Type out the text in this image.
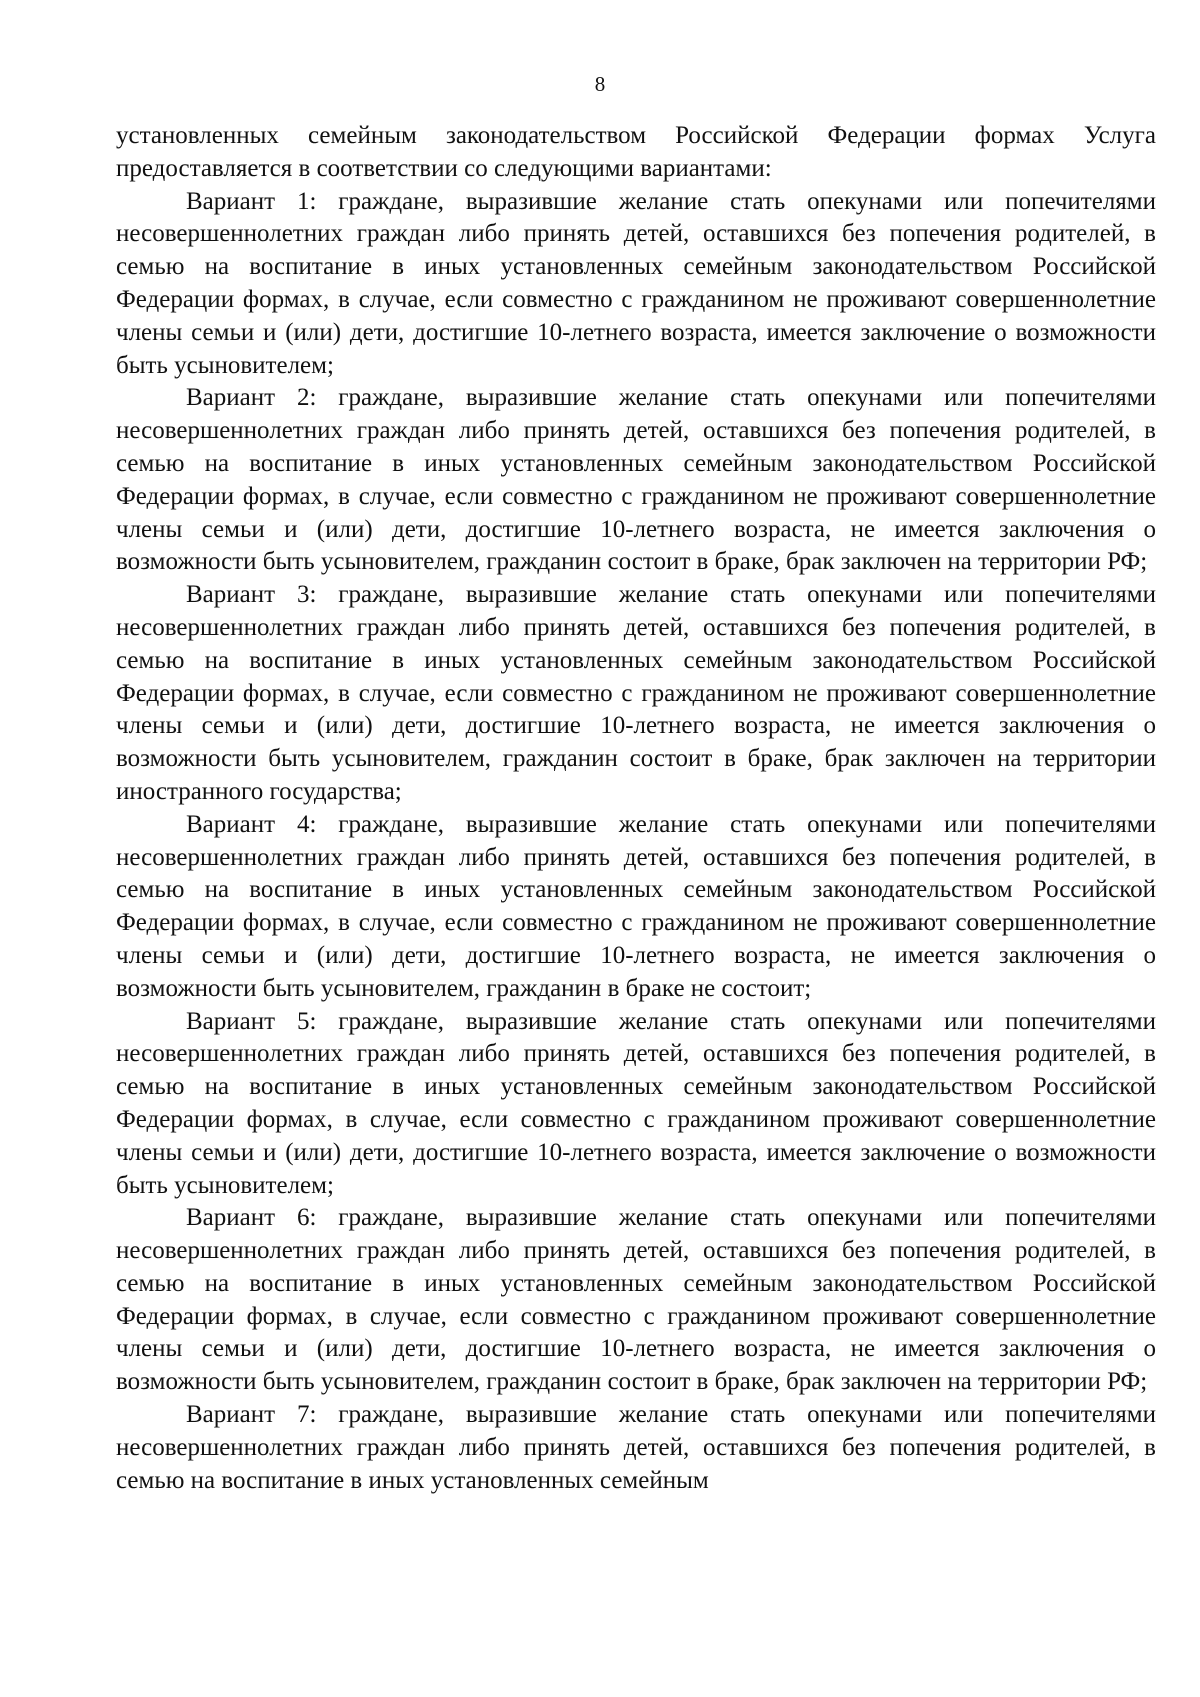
8

установленных семейным законодательством Российской Федерации формах Услуга предоставляется в соответствии со следующими вариантами:

Вариант 1: граждане, выразившие желание стать опекунами или попечителями несовершеннолетних граждан либо принять детей, оставшихся без попечения родителей, в семью на воспитание в иных установленных семейным законодательством Российской Федерации формах, в случае, если совместно с гражданином не проживают совершеннолетние члены семьи и (или) дети, достигшие 10-летнего возраста, имеется заключение о возможности быть усыновителем;

Вариант 2: граждане, выразившие желание стать опекунами или попечителями несовершеннолетних граждан либо принять детей, оставшихся без попечения родителей, в семью на воспитание в иных установленных семейным законодательством Российской Федерации формах, в случае, если совместно с гражданином не проживают совершеннолетние члены семьи и (или) дети, достигшие 10-летнего возраста, не имеется заключения о возможности быть усыновителем, гражданин состоит в браке, брак заключен на территории РФ;

Вариант 3: граждане, выразившие желание стать опекунами или попечителями несовершеннолетних граждан либо принять детей, оставшихся без попечения родителей, в семью на воспитание в иных установленных семейным законодательством Российской Федерации формах, в случае, если совместно с гражданином не проживают совершеннолетние члены семьи и (или) дети, достигшие 10-летнего возраста, не имеется заключения о возможности быть усыновителем, гражданин состоит в браке, брак заключен на территории иностранного государства;

Вариант 4: граждане, выразившие желание стать опекунами или попечителями несовершеннолетних граждан либо принять детей, оставшихся без попечения родителей, в семью на воспитание в иных установленных семейным законодательством Российской Федерации формах, в случае, если совместно с гражданином не проживают совершеннолетние члены семьи и (или) дети, достигшие 10-летнего возраста, не имеется заключения о возможности быть усыновителем, гражданин в браке не состоит;

Вариант 5: граждане, выразившие желание стать опекунами или попечителями несовершеннолетних граждан либо принять детей, оставшихся без попечения родителей, в семью на воспитание в иных установленных семейным законодательством Российской Федерации формах, в случае, если совместно с гражданином проживают совершеннолетние члены семьи и (или) дети, достигшие 10-летнего возраста, имеется заключение о возможности быть усыновителем;

Вариант 6: граждане, выразившие желание стать опекунами или попечителями несовершеннолетних граждан либо принять детей, оставшихся без попечения родителей, в семью на воспитание в иных установленных семейным законодательством Российской Федерации формах, в случае, если совместно с гражданином проживают совершеннолетние члены семьи и (или) дети, достигшие 10-летнего возраста, не имеется заключения о возможности быть усыновителем, гражданин состоит в браке, брак заключен на территории РФ;

Вариант 7: граждане, выразившие желание стать опекунами или попечителями несовершеннолетних граждан либо принять детей, оставшихся без попечения родителей, в семью на воспитание в иных установленных семейным
